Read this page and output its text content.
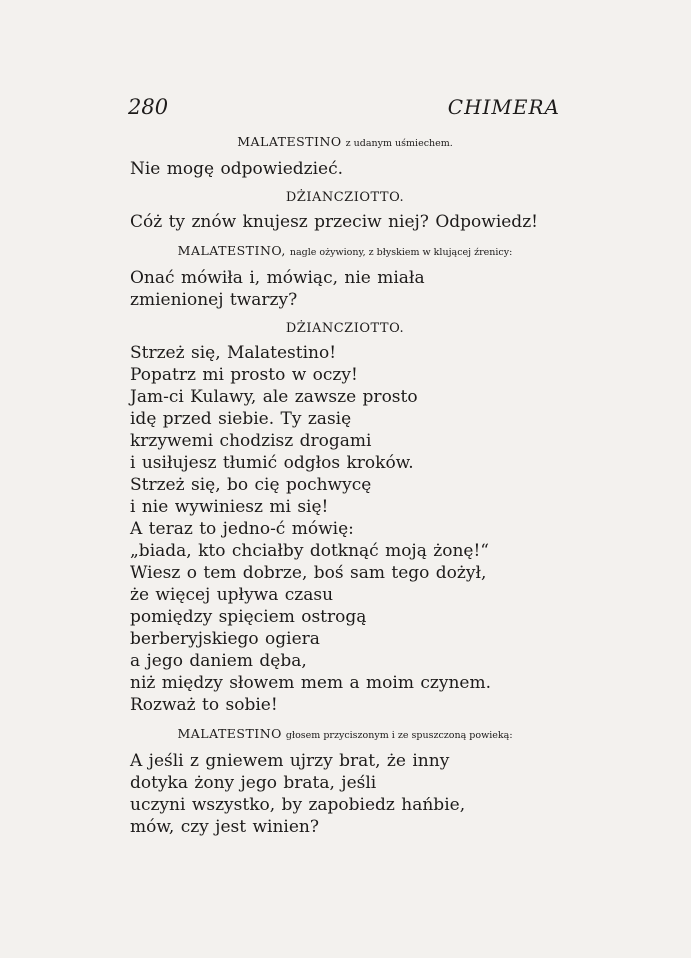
280	CHIMERA
MALATESTINO z udanym uśmiechem.
Nie mogę odpowiedzieć.
DŻIANCZIOTTO.
Cóż ty znów knujesz przeciw niej? Odpowiedz!
MALATESTINO, nagle ożywiony, z błyskiem w klującej źrenicy:
Onać mówiła i, mówiąc, nie miała
zmienionej twarzy?
DŻIANCZIOTTO.
Strzeż się, Malatestino!
Popatrz mi prosto w oczy!
Jam-ci Kulawy, ale zawsze prosto
idę przed siebie. Ty zasię
krzywemi chodzisz drogami
i usiłujesz tłumić odgłos kroków.
Strzeż się, bo cię pochwycę
i nie wywiniesz mi się!
A teraz to jedno-ć mówię:
„biada, kto chciałby dotknąć moją żonę!“
Wiesz o tem dobrze, boś sam tego dożył,
że więcej upływa czasu
pomiędzy spięciem ostrogą
berberyjskiego ogiera
a jego daniem dęba,
niż między słowem mem a moim czynem.
Rozważ to sobie!
MALATESTINO głosem przyciszonym i ze spuszczoną powieką:
A jeśli z gniewem ujrzy brat, że inny
dotyka żony jego brata, jeśli
uczyni wszystko, by zapobiedz hańbie,
mów, czy jest winien?
